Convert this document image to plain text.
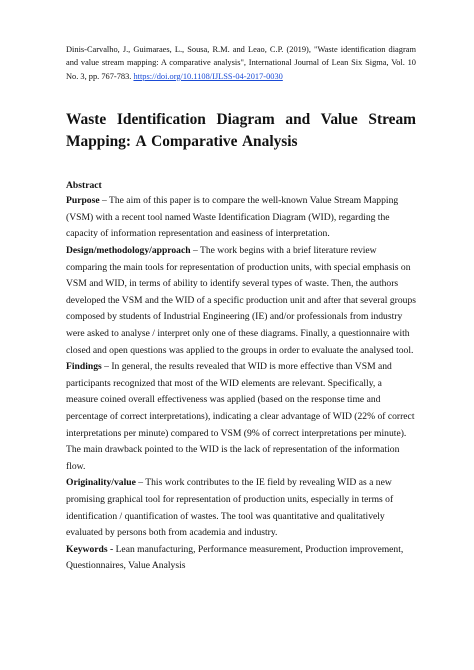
Dinis-Carvalho, J., Guimaraes, L., Sousa, R.M. and Leao, C.P. (2019), "Waste identification diagram and value stream mapping: A comparative analysis", International Journal of Lean Six Sigma, Vol. 10 No. 3, pp. 767-783. https://doi.org/10.1108/IJLSS-04-2017-0030

Waste Identification Diagram and Value Stream Mapping: A Comparative Analysis
Abstract

Purpose – The aim of this paper is to compare the well-known Value Stream Mapping (VSM) with a recent tool named Waste Identification Diagram (WID), regarding the capacity of information representation and easiness of interpretation.

Design/methodology/approach – The work begins with a brief literature review comparing the main tools for representation of production units, with special emphasis on VSM and WID, in terms of ability to identify several types of waste. Then, the authors developed the VSM and the WID of a specific production unit and after that several groups composed by students of Industrial Engineering (IE) and/or professionals from industry were asked to analyse / interpret only one of these diagrams. Finally, a questionnaire with closed and open questions was applied to the groups in order to evaluate the analysed tool.

Findings – In general, the results revealed that WID is more effective than VSM and participants recognized that most of the WID elements are relevant. Specifically, a measure coined overall effectiveness was applied (based on the response time and percentage of correct interpretations), indicating a clear advantage of WID (22% of correct interpretations per minute) compared to VSM (9% of correct interpretations per minute). The main drawback pointed to the WID is the lack of representation of the information flow.

Originality/value – This work contributes to the IE field by revealing WID as a new promising graphical tool for representation of production units, especially in terms of identification / quantification of wastes. The tool was quantitative and qualitatively evaluated by persons both from academia and industry.

Keywords - Lean manufacturing, Performance measurement, Production improvement, Questionnaires, Value Analysis
